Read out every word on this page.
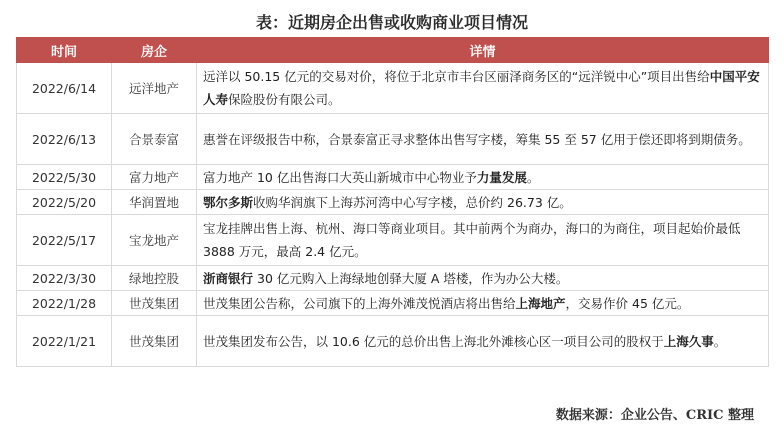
表：近期房企出售或收购商业项目情况
时间	房企	详情
2022/6/14	远洋地产	远洋以 50.15 亿元的交易对价，将位于北京市丰台区丽泽商务区的“远洋锐中心”项目出售给中国平安人寿保险股份有限公司。
2022/6/13	合景泰富	惠誉在评级报告中称，合景泰富正寻求整体出售写字楼，筹集 55 至 57 亿用于偿还即将到期债务。
2022/5/30	富力地产	富力地产 10 亿出售海口大英山新城市中心物业予力量发展。
2022/5/20	华润置地	鄂尔多斯收购华润旗下上海苏河湾中心写字楼，总价约 26.73 亿。
2022/5/17	宝龙地产	宝龙挂牌出售上海、杭州、海口等商业项目。其中前两个为商办，海口的为商住，项目起始价最低 3888 万元，最高 2.4 亿元。
2022/3/30	绿地控股	浙商银行 30 亿元购入上海绿地创驿大厦 A 塔楼，作为办公大楼。
2022/1/28	世茂集团	世茂集团公告称，公司旗下的上海外滩茂悦酒店将出售给上海地产，交易作价 45 亿元。
2022/1/21	世茂集团	世茂集团发布公告，以 10.6 亿元的总价出售上海北外滩核心区一项目公司的股权于上海久事。
数据来源：企业公告、CRIC 整理
